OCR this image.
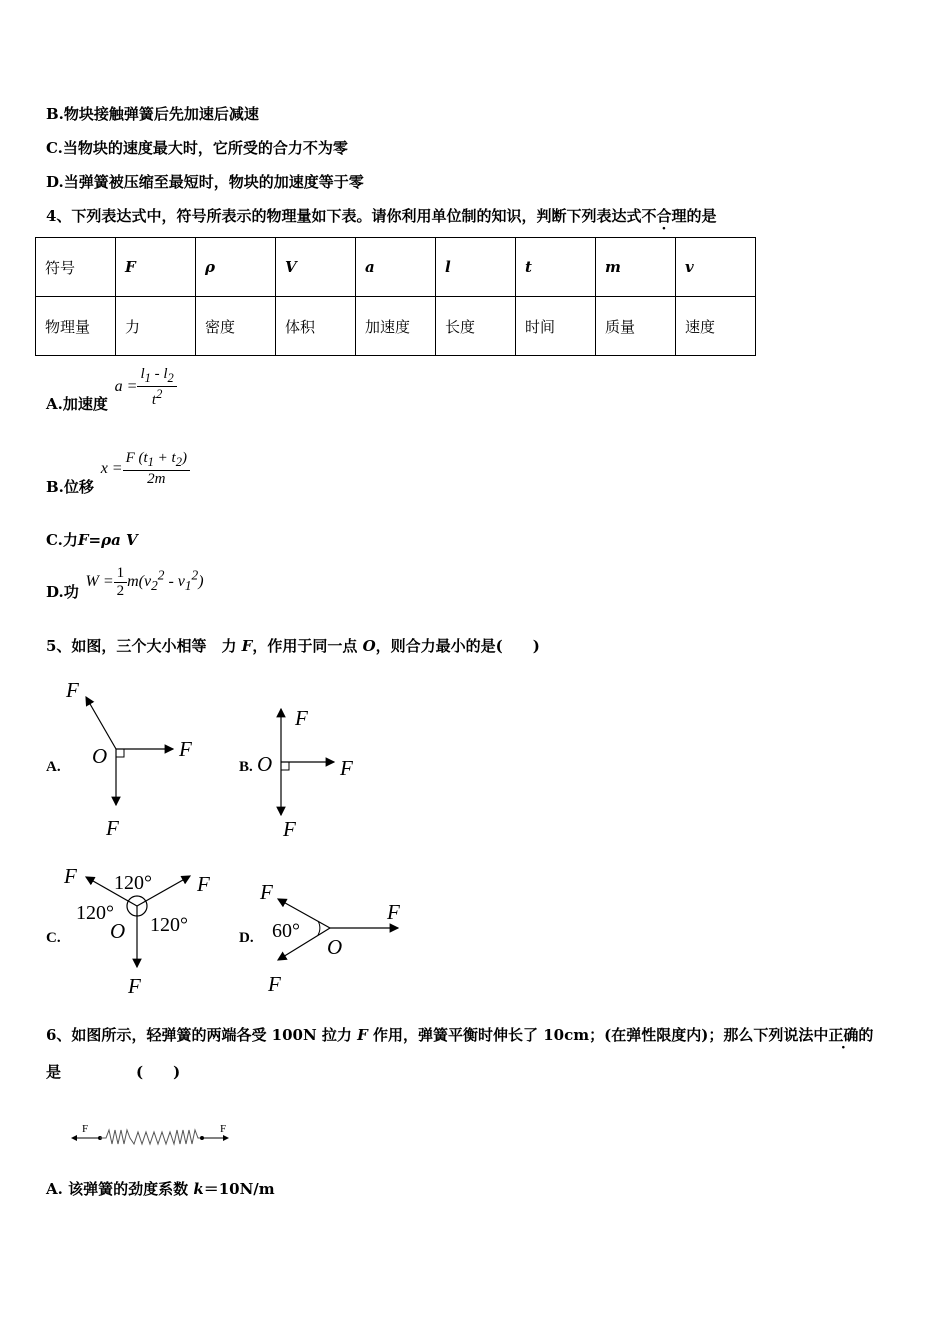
B.物块接触弹簧后先加速后减速
C.当物块的速度最大时，它所受的合力不为零
D.当弹簧被压缩至最短时，物块的加速度等于零
4、下列表达式中，符号所表示的物理量如下表。请你利用单位制的知识，判断下列表达式不合理的是
符号	F	ρ	V	a	l	t	m	v
物理量	力	密度	体积	加速度	长度	时间	质量	速度
A.加速度 $a = \frac{l_1 - l_2}{t^2}$
B.位移 $x = \frac{F (t_1 + t_2)}{2m}$
C.力F=ρa V
D.功 $W = \frac{1}{2} m(v_2^2 - v_1^2)$
5、如图，三个大小相等　力 F，作用于同一点 O，则合力最小的是(　　)
A.
F
F
F
O	B.
F
F
F
O
C.
F	F
F
120°
120°
120°
O	D.
F
F
F
60°
O
6、如图所示，轻弹簧的两端各受 100N 拉力 F 作用，弹簧平衡时伸长了 10cm；(在弹性限度内)；那么下列说法中正确的
是　　　　　(　　)
F	F
A. 该弹簧的劲度系数 k＝10N/m
